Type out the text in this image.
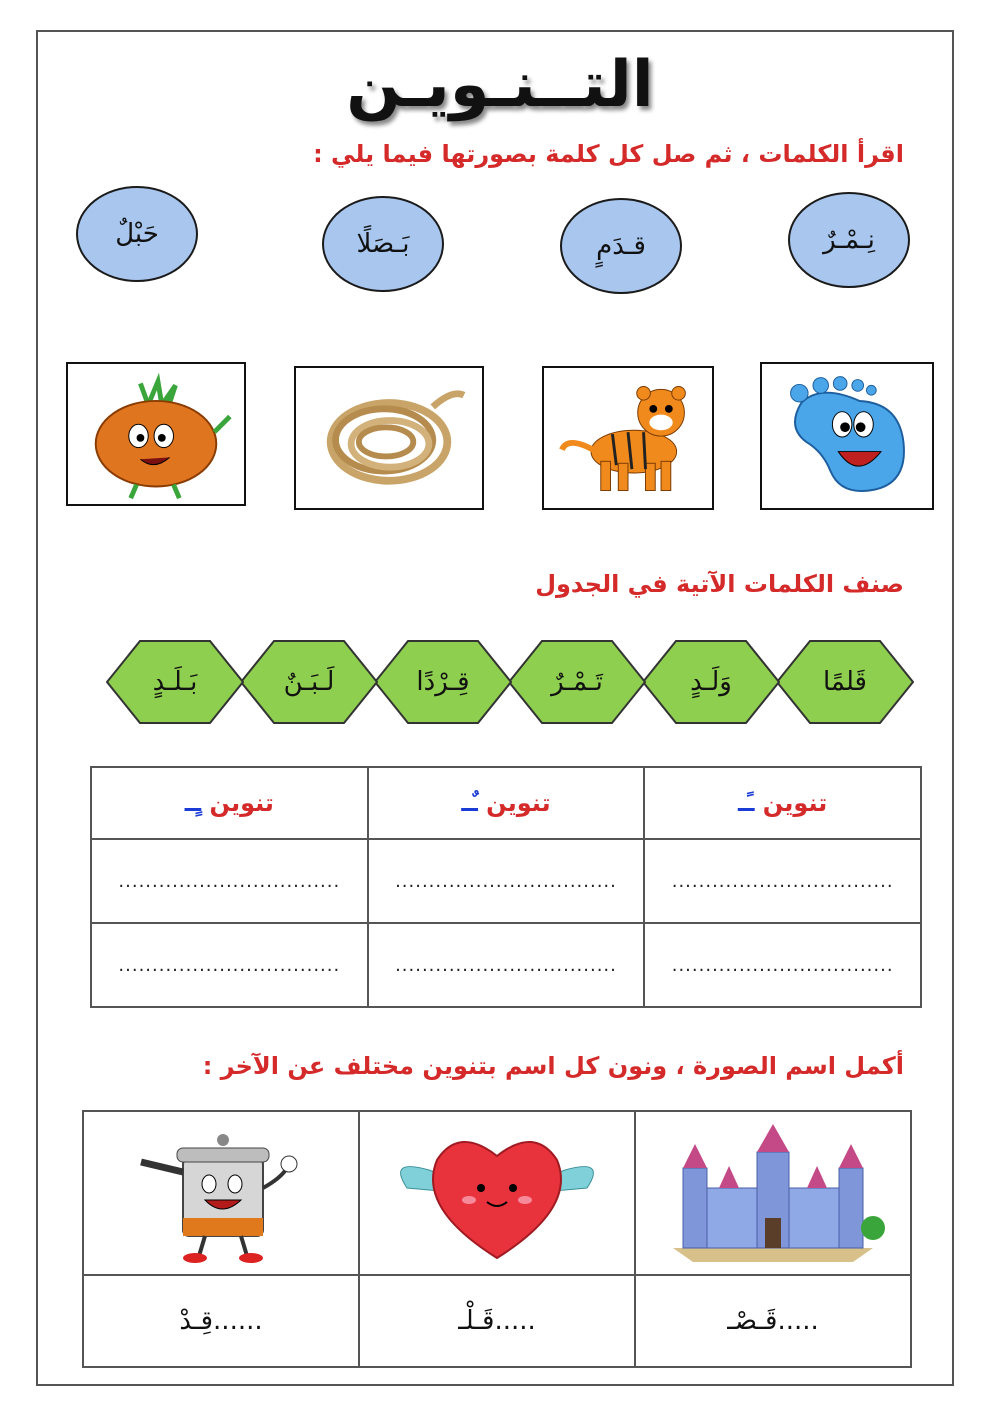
التــنـويـن
اقرأ الكلمات ، ثم صل كل كلمة بصورتها فيما يلي :
نِـمْـرٌ
قـدَمٍ
بَـصَلًا
حَبْلٌ
صنف الكلمات الآتية في الجدول
قَلمًا
وَلَـدٍ
تَـمْـرٌ
قِـرْدًا
لَـبَـنٌ
بَـلَـدٍ
تنوين ـٍـ	تنوين ـٌـ	تنوين ـًـ
.................................	.................................	.................................
.................................	.................................	.................................
أكمل اسم الصورة ، ونون كل اسم بتنوين مختلف عن الآخر :

قِـدْ......	قَـلْـ.....	قَـصْـ.....
